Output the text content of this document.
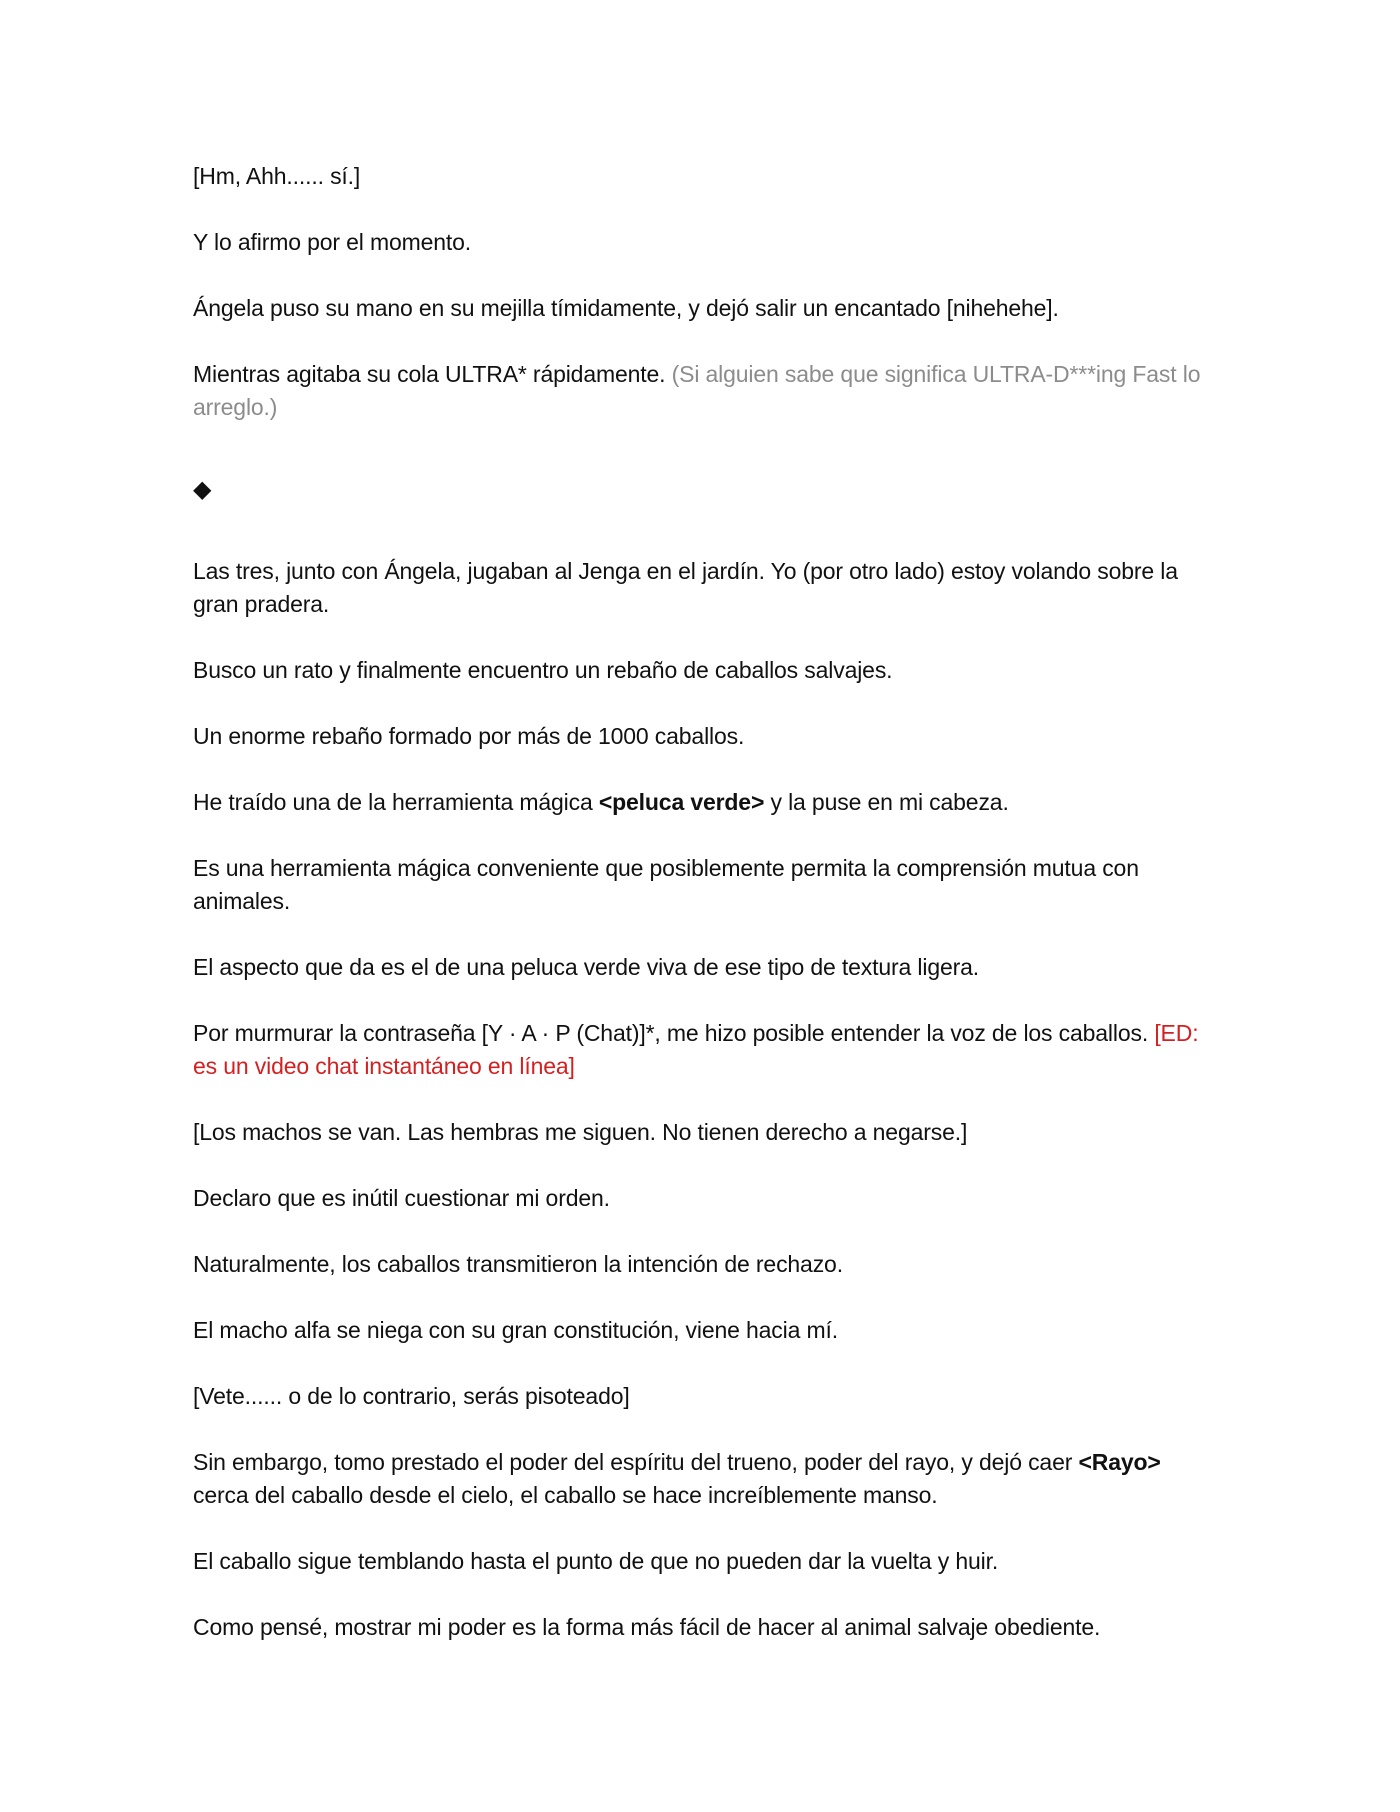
[Hm, Ahh...... sí.]

Y lo afirmo por el momento.

Ángela puso su mano en su mejilla tímidamente, y dejó salir un encantado [nihehehe].

Mientras agitaba su cola ULTRA* rápidamente. (Si alguien sabe que significa ULTRA-D***ing Fast lo arreglo.)

◆

Las tres, junto con Ángela, jugaban al Jenga en el jardín. Yo (por otro lado) estoy volando sobre la gran pradera.

Busco un rato y finalmente encuentro un rebaño de caballos salvajes.

Un enorme rebaño formado por más de 1000 caballos.

He traído una de la herramienta mágica <peluca verde> y la puse en mi cabeza.

Es una herramienta mágica conveniente que posiblemente permita la comprensión mutua con animales.

El aspecto que da es el de una peluca verde viva de ese tipo de textura ligera.

Por murmurar la contraseña [Y · A · P (Chat)]*, me hizo posible entender la voz de los caballos. [ED: es un video chat instantáneo en línea]

[Los machos se van. Las hembras me siguen. No tienen derecho a negarse.]

Declaro que es inútil cuestionar mi orden.

Naturalmente, los caballos transmitieron la intención de rechazo.

El macho alfa se niega con su gran constitución, viene hacia mí.

[Vete...... o de lo contrario, serás pisoteado]

Sin embargo, tomo prestado el poder del espíritu del trueno, poder del rayo, y dejó caer <Rayo> cerca del caballo desde el cielo, el caballo se hace increíblemente manso.

El caballo sigue temblando hasta el punto de que no pueden dar la vuelta y huir.

Como pensé, mostrar mi poder es la forma más fácil de hacer al animal salvaje obediente.
